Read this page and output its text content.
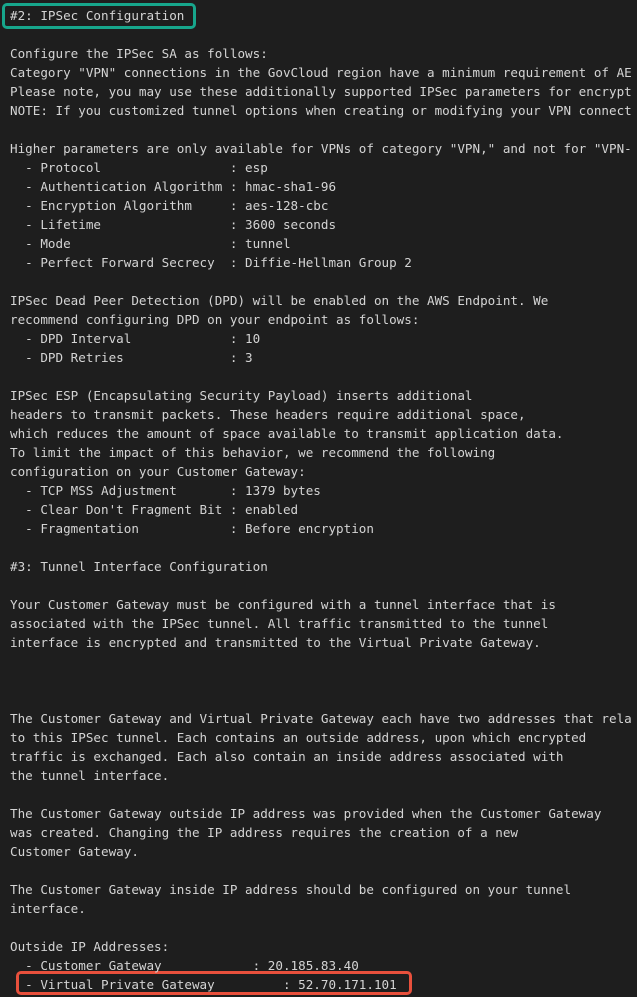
#2: IPSec Configuration
Configure the IPSec SA as follows:
Category "VPN" connections in the GovCloud region have a minimum requirement of AE
Please note, you may use these additionally supported IPSec parameters for encrypt
NOTE: If you customized tunnel options when creating or modifying your VPN connect
Higher parameters are only available for VPNs of category "VPN," and not for "VPN-
- Protocol                 : esp
- Authentication Algorithm : hmac-sha1-96
- Encryption Algorithm     : aes-128-cbc
- Lifetime                 : 3600 seconds
- Mode                     : tunnel
- Perfect Forward Secrecy  : Diffie-Hellman Group 2
IPSec Dead Peer Detection (DPD) will be enabled on the AWS Endpoint. We
recommend configuring DPD on your endpoint as follows:
- DPD Interval             : 10
- DPD Retries              : 3
IPSec ESP (Encapsulating Security Payload) inserts additional
headers to transmit packets. These headers require additional space,
which reduces the amount of space available to transmit application data.
To limit the impact of this behavior, we recommend the following
configuration on your Customer Gateway:
- TCP MSS Adjustment       : 1379 bytes
- Clear Don't Fragment Bit : enabled
- Fragmentation            : Before encryption
#3: Tunnel Interface Configuration
Your Customer Gateway must be configured with a tunnel interface that is
associated with the IPSec tunnel. All traffic transmitted to the tunnel
interface is encrypted and transmitted to the Virtual Private Gateway.
The Customer Gateway and Virtual Private Gateway each have two addresses that rela
to this IPSec tunnel. Each contains an outside address, upon which encrypted
traffic is exchanged. Each also contain an inside address associated with
the tunnel interface.
The Customer Gateway outside IP address was provided when the Customer Gateway
was created. Changing the IP address requires the creation of a new
Customer Gateway.
The Customer Gateway inside IP address should be configured on your tunnel
interface.
Outside IP Addresses:
- Customer Gateway            : 20.185.83.40
- Virtual Private Gateway         : 52.70.171.101
